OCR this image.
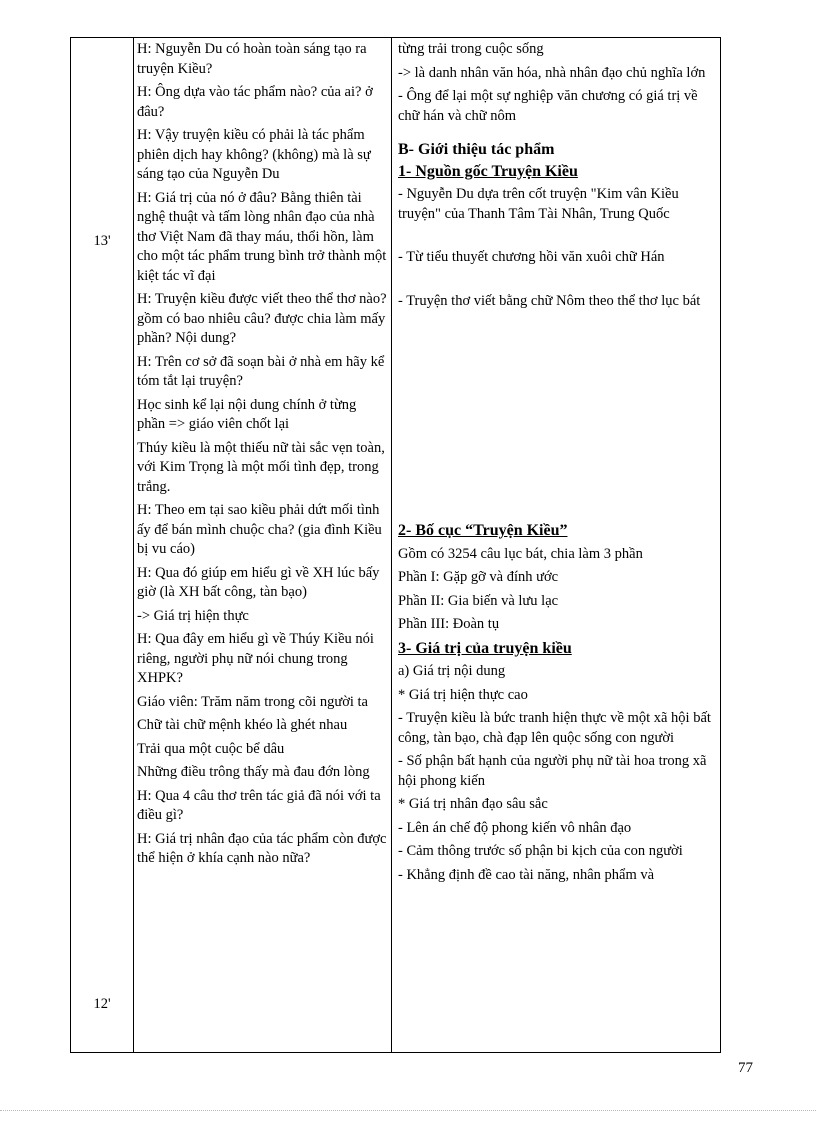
13'
12'

H: Nguyễn Du có hoàn toàn sáng tạo ra truyện Kiều?

H: Ông dựa vào tác phẩm nào? của ai? ở đâu?

H: Vậy truyện kiều có phải là tác phẩm phiên dịch hay không? (không) mà là sự sáng tạo của Nguyễn Du

H: Giá trị của nó ở đâu? Bằng thiên tài nghệ thuật và tấm lòng nhân đạo của nhà thơ Việt Nam đã thay máu, thổi hồn, làm cho một tác phẩm trung bình trở thành một kiệt tác vĩ đại

H: Truyện kiều được viết theo thể thơ nào? gồm có bao nhiêu câu? được chia làm mấy phần? Nội dung?

H: Trên cơ sở đã soạn bài ở nhà em hãy kể tóm tắt lại truyện?

Học sinh kể lại nội dung chính ở từng phần => giáo viên chốt lại

Thúy kiều là một thiếu nữ tài sắc vẹn toàn, với Kim Trọng là một mối tình đẹp, trong trắng.

H: Theo em tại sao kiều phải dứt mối tình ấy để bán mình chuộc cha? (gia đình Kiều bị vu cáo)

H: Qua đó giúp em hiểu gì về XH lúc bấy giờ (là XH bất công, tàn bạo)

-> Giá trị hiện thực

H: Qua đây em hiểu gì về Thúy Kiều nói riêng, người phụ nữ nói chung trong XHPK?

Giáo viên: Trăm năm trong cõi người ta

Chữ tài chữ mệnh khéo là ghét nhau

Trải qua một cuộc bể dâu

Những điều trông thấy mà đau đớn lòng

H: Qua 4 câu thơ trên tác giả đã nói với ta điều gì?

H: Giá trị nhân đạo của tác phẩm còn được thể hiện ở khía cạnh nào nữa?

từng trải trong cuộc sống

-> là danh nhân văn hóa, nhà nhân đạo chủ nghĩa lớn

- Ông để lại một sự nghiệp văn chương có giá trị về chữ hán và chữ nôm

B- Giới thiệu tác phẩm

1- Nguồn gốc Truyện Kiều

- Nguyễn Du dựa trên cốt truyện "Kim vân Kiều truyện" của Thanh Tâm Tài Nhân, Trung Quốc

- Từ tiểu thuyết chương hồi văn xuôi chữ Hán

- Truyện thơ viết bằng chữ Nôm theo thể thơ lục bát

2- Bố cục “Truyện Kiều”

Gồm có 3254 câu lục bát, chia làm 3 phần

Phần I: Gặp gỡ và đính ước

Phần II: Gia biến và lưu lạc

Phần III: Đoàn tụ

3- Giá trị của truyện kiều

a) Giá trị nội dung

* Giá trị hiện thực cao

- Truyện kiều là bức tranh hiện thực về một xã hội bất công, tàn bạo, chà đạp lên quộc sống con người

- Số phận bất hạnh của người phụ nữ tài hoa trong xã hội phong kiến

* Giá trị nhân đạo sâu sắc

- Lên án chế độ phong kiến vô nhân đạo

- Cảm thông trước số phận bi kịch của con người

- Khẳng định đề cao tài năng, nhân phẩm và

77
